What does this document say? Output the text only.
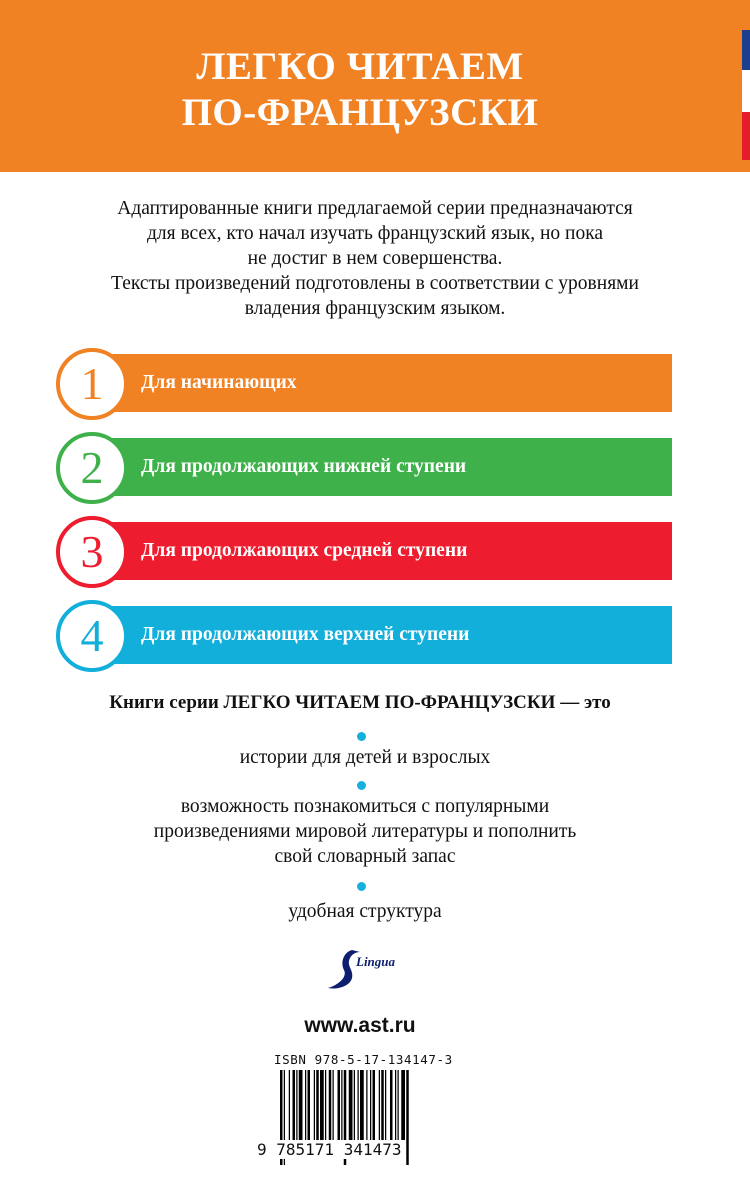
ЛЕГКО ЧИТАЕМ
ПО-ФРАНЦУЗСКИ
Адаптированные книги предлагаемой серии предназначаются
для всех, кто начал изучать французский язык, но пока
не достиг в нем совершенства.
Тексты произведений подготовлены в соответствии с уровнями
владения французским языком.
1	Для начинающих
2	Для продолжающих нижней ступени
3	Для продолжающих средней ступени
4	Для продолжающих верхней ступени
Книги серии ЛЕГКО ЧИТАЕМ ПО-ФРАНЦУЗСКИ — это
истории для детей и взрослых
возможность познакомиться с популярными
произведениями мировой литературы и пополнить
свой словарный запас
удобная структура
Lingua
www.ast.ru
ISBN 978-5-17-134147-3
9 785171 341473
